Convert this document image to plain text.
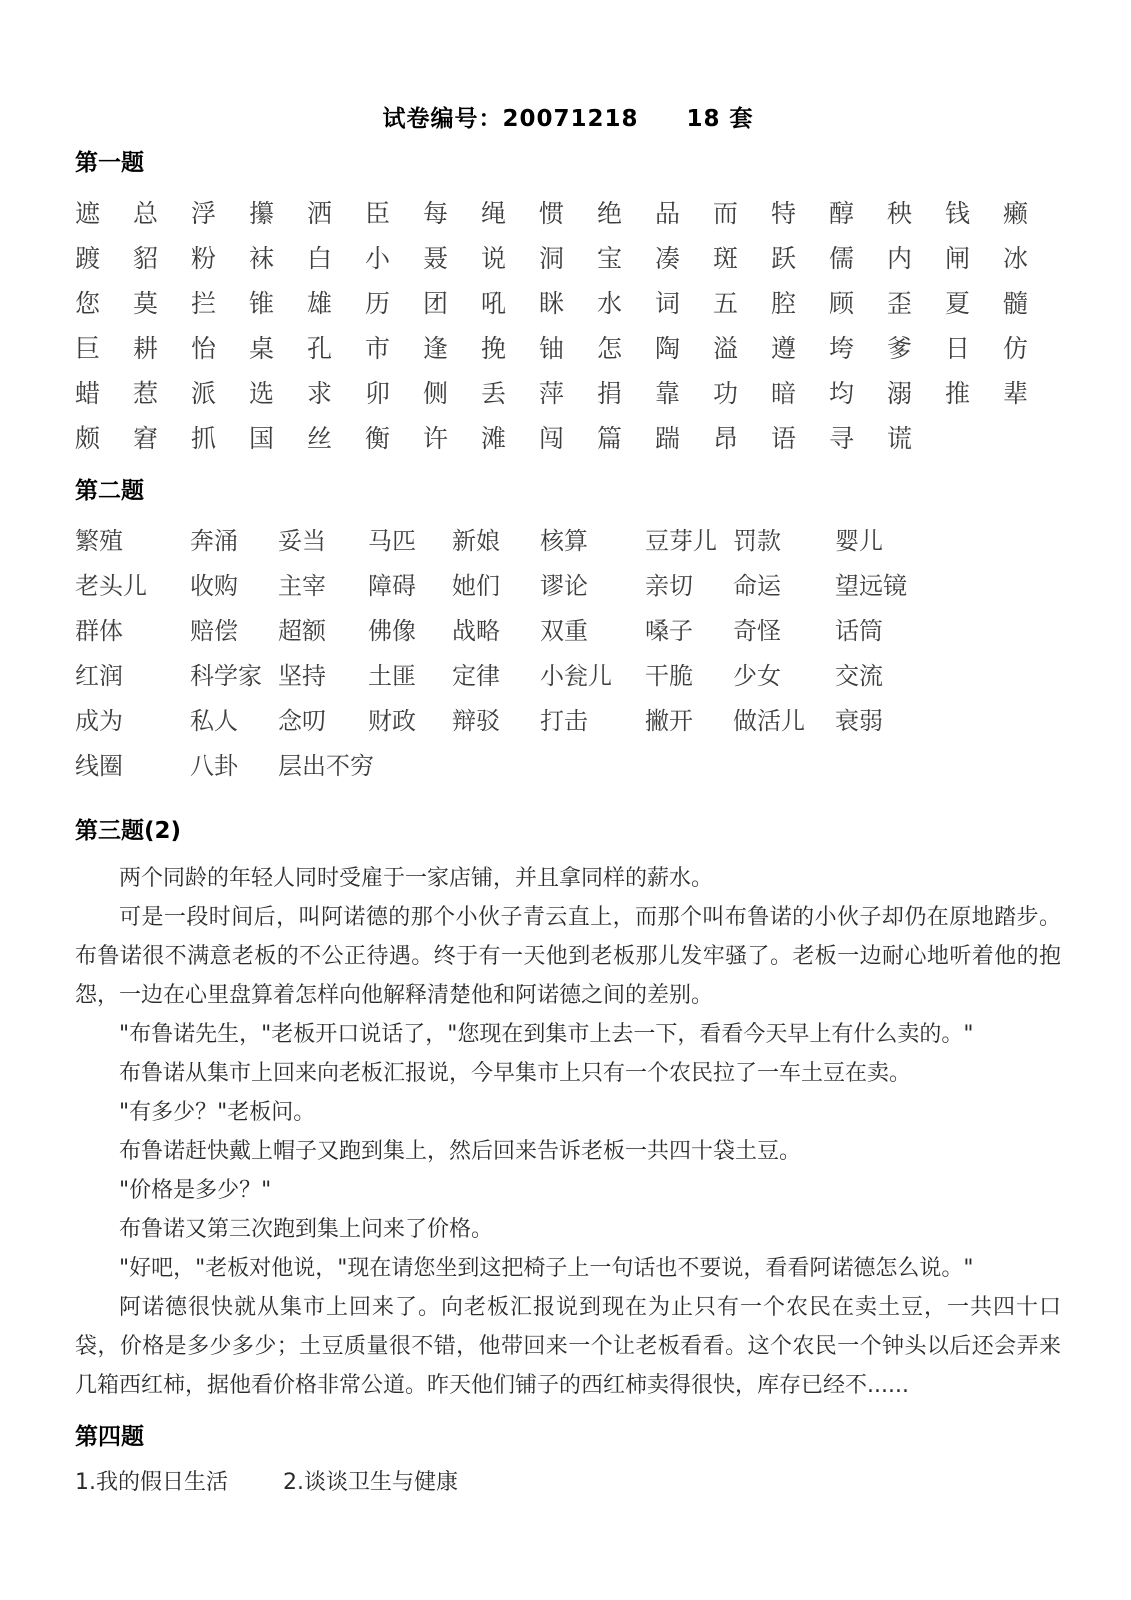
试卷编号：20071218　　18 套
第一题
遮 总 浮 攥 洒 臣 每 绳 惯 绝 品 而 特 醇 秧 钱 癞
踱 貂 粉 袜 白 小 聂 说 洞 宝 凑 斑 跃 儒 内 闸 冰
您 莫 拦 锥 雄 历 团 吼 眯 水 词 五 腔 顾 歪 夏 髓
巨 耕 怡 桌 孔 市 逢 挽 铀 怎 陶 溢 遵 垮 爹 日 仿
蜡 惹 派 选 求 卯 侧 丢 萍 捐 靠 功 暗 均 溺 推 辈
颇 窘 抓 国 丝 衡 许 滩 闯 篇 踹 昂 语 寻 谎
第二题
繁殖	奔涌 妥当 马匹 新娘 核算 豆芽儿 罚款 婴儿
老头儿 收购 主宰 障碍 她们 谬论 亲切 命运 望远镜
群体	赔偿 超额 佛像 战略 双重 嗓子 奇怪 话筒
红润	科学家 坚持 土匪 定律 小瓮儿 干脆 少女 交流
成为	私人 念叨 财政 辩驳 打击 撇开 做活儿 衰弱
线圈	八卦 层出不穷
第三题(2)

两个同龄的年轻人同时受雇于一家店铺，并且拿同样的薪水。

可是一段时间后，叫阿诺德的那个小伙子青云直上，而那个叫布鲁诺的小伙子却仍在原地踏步。布鲁诺很不满意老板的不公正待遇。终于有一天他到老板那儿发牢骚了。老板一边耐心地听着他的抱怨，一边在心里盘算着怎样向他解释清楚他和阿诺德之间的差别。

"布鲁诺先生，"老板开口说话了，"您现在到集市上去一下，看看今天早上有什么卖的。"

布鲁诺从集市上回来向老板汇报说，今早集市上只有一个农民拉了一车土豆在卖。

"有多少？"老板问。

布鲁诺赶快戴上帽子又跑到集上，然后回来告诉老板一共四十袋土豆。

"价格是多少？"

布鲁诺又第三次跑到集上问来了价格。

"好吧，"老板对他说，"现在请您坐到这把椅子上一句话也不要说，看看阿诺德怎么说。"

阿诺德很快就从集市上回来了。向老板汇报说到现在为止只有一个农民在卖土豆，一共四十口袋，价格是多少多少；土豆质量很不错，他带回来一个让老板看看。这个农民一个钟头以后还会弄来几箱西红柿，据他看价格非常公道。昨天他们铺子的西红柿卖得很快，库存已经不......

第四题
1.我的假日生活	2.谈谈卫生与健康
